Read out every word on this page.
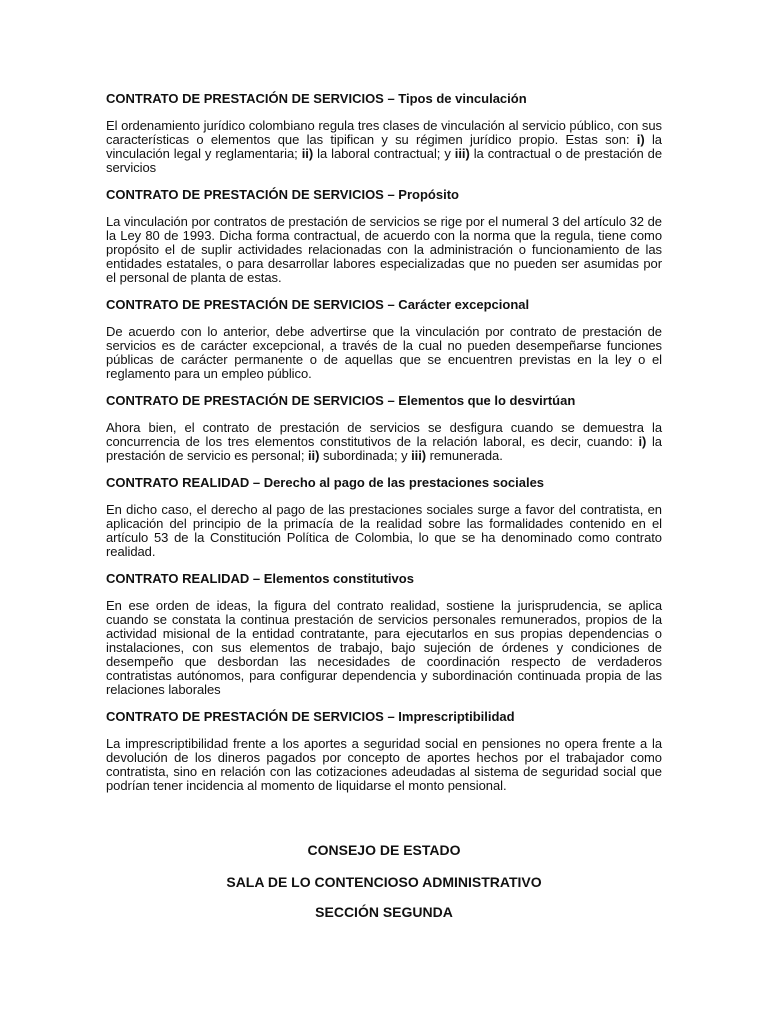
CONTRATO DE PRESTACIÓN DE SERVICIOS – Tipos de vinculación
El ordenamiento jurídico colombiano regula tres clases de vinculación al servicio público, con sus características o elementos que las tipifican y su régimen jurídico propio. Estas son: i) la vinculación legal y reglamentaria; ii) la laboral contractual; y iii) la contractual o de prestación de servicios
CONTRATO DE PRESTACIÓN DE SERVICIOS – Propósito
La vinculación por contratos de prestación de servicios se rige por el numeral 3 del artículo 32 de la Ley 80 de 1993. Dicha forma contractual, de acuerdo con la norma que la regula, tiene como propósito el de suplir actividades relacionadas con la administración o funcionamiento de las entidades estatales, o para desarrollar labores especializadas que no pueden ser asumidas por el personal de planta de estas.
CONTRATO DE PRESTACIÓN DE SERVICIOS – Carácter excepcional
De acuerdo con lo anterior, debe advertirse que la vinculación por contrato de prestación de servicios es de carácter excepcional, a través de la cual no pueden desempeñarse funciones públicas de carácter permanente o de aquellas que se encuentren previstas en la ley o el reglamento para un empleo público.
CONTRATO DE PRESTACIÓN DE SERVICIOS – Elementos que lo desvirtúan
Ahora bien, el contrato de prestación de servicios se desfigura cuando se demuestra la concurrencia de los tres elementos constitutivos de la relación laboral, es decir, cuando: i) la prestación de servicio es personal; ii) subordinada; y iii) remunerada.
CONTRATO REALIDAD – Derecho al pago de las prestaciones sociales
En dicho caso, el derecho al pago de las prestaciones sociales surge a favor del contratista, en aplicación del principio de la primacía de la realidad sobre las formalidades contenido en el artículo 53 de la Constitución Política de Colombia, lo que se ha denominado como contrato realidad.
CONTRATO REALIDAD – Elementos constitutivos
En ese orden de ideas, la figura del contrato realidad, sostiene la jurisprudencia, se aplica cuando se constata la continua prestación de servicios personales remunerados, propios de la actividad misional de la entidad contratante, para ejecutarlos en sus propias dependencias o instalaciones, con sus elementos de trabajo, bajo sujeción de órdenes y condiciones de desempeño que desbordan las necesidades de coordinación respecto de verdaderos contratistas autónomos, para configurar dependencia y subordinación continuada propia de las relaciones laborales
CONTRATO DE PRESTACIÓN DE SERVICIOS – Imprescriptibilidad
La imprescriptibilidad frente a los aportes a seguridad social en pensiones no opera frente a la devolución de los dineros pagados por concepto de aportes hechos por el trabajador como contratista, sino en relación con las cotizaciones adeudadas al sistema de seguridad social que podrían tener incidencia al momento de liquidarse el monto pensional.
CONSEJO DE ESTADO
SALA DE LO CONTENCIOSO ADMINISTRATIVO
SECCIÓN SEGUNDA
